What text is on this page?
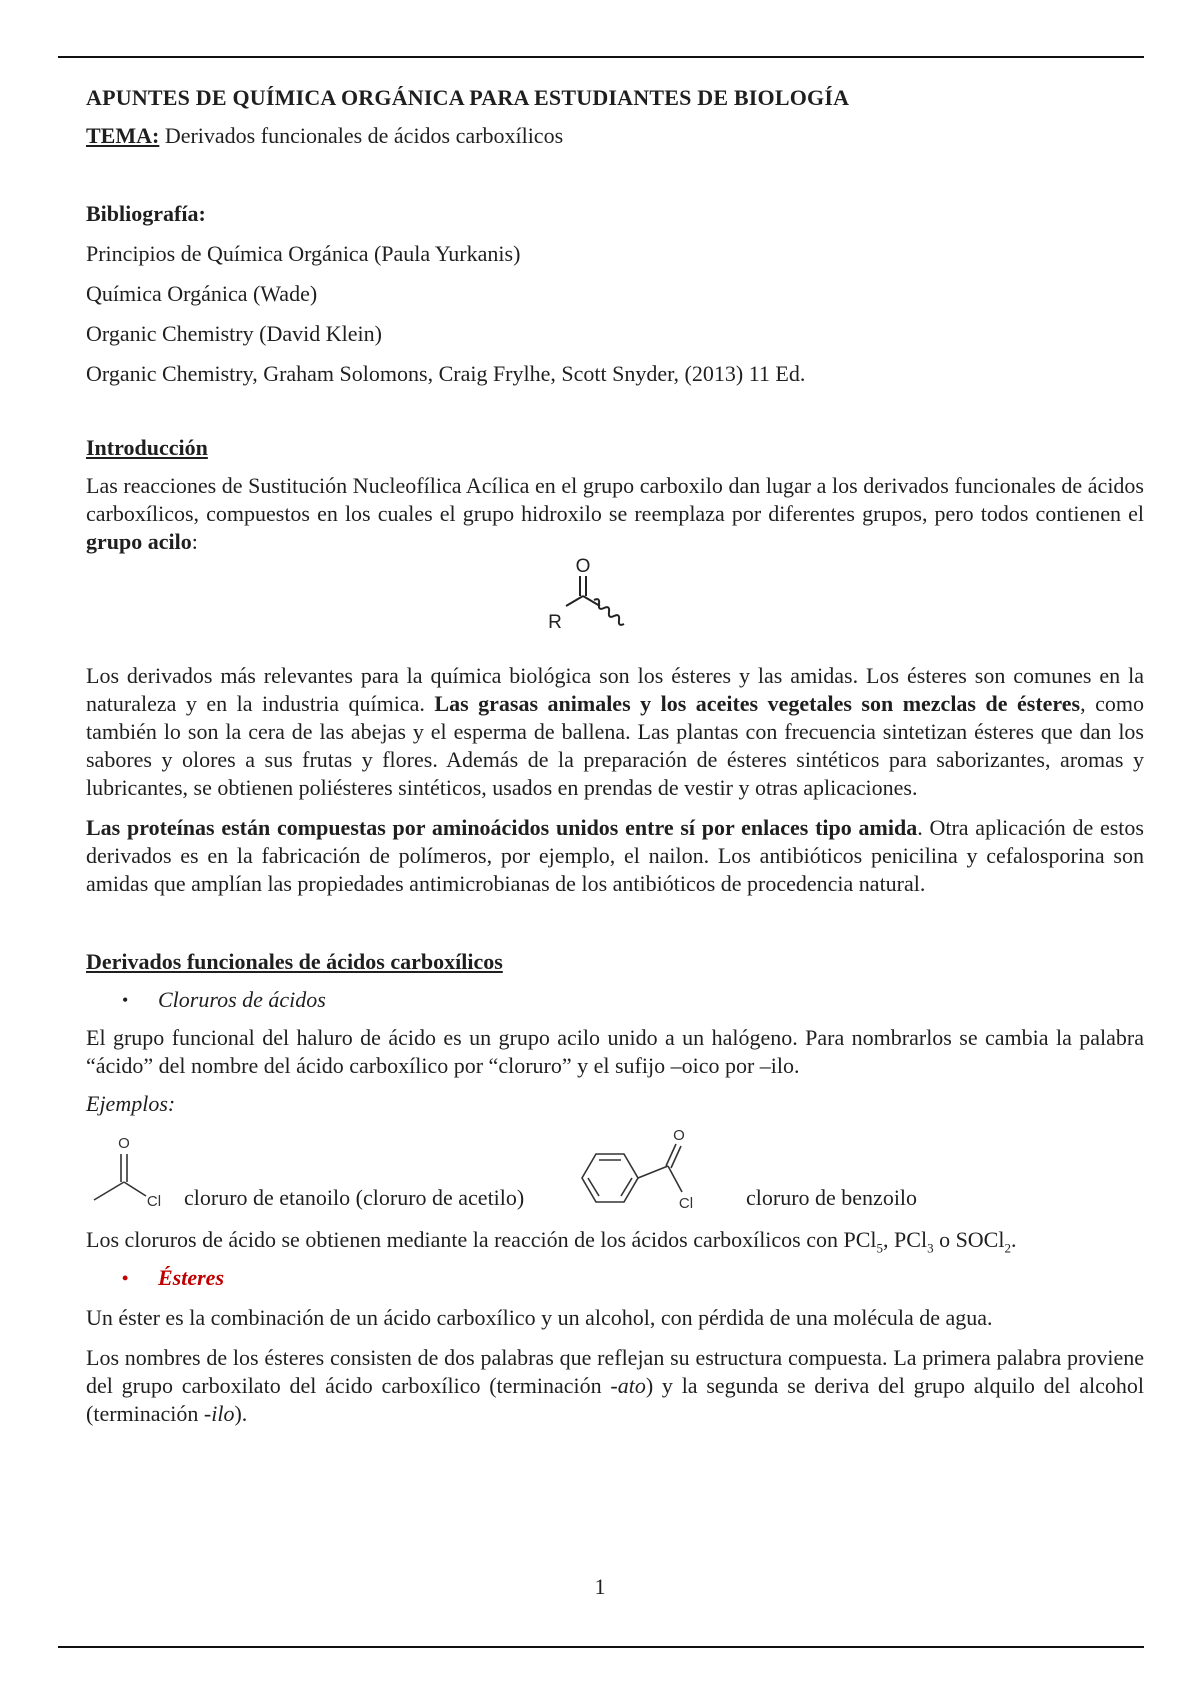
APUNTES DE QUÍMICA ORGÁNICA PARA ESTUDIANTES DE BIOLOGÍA

TEMA: Derivados funcionales de ácidos carboxílicos

Bibliografía:

Principios de Química Orgánica (Paula Yurkanis)

Química Orgánica (Wade)

Organic Chemistry (David Klein)

Organic Chemistry, Graham Solomons, Craig Frylhe, Scott Snyder, (2013) 11 Ed.

Introducción

Las reacciones de Sustitución Nucleofílica Acílica en el grupo carboxilo dan lugar a los derivados funcionales de ácidos carboxílicos, compuestos en los cuales el grupo hidroxilo se reemplaza por diferentes grupos, pero todos contienen el grupo acilo:

O
R

Los derivados más relevantes para la química biológica son los ésteres y las amidas. Los ésteres son comunes en la naturaleza y en la industria química. Las grasas animales y los aceites vegetales son mezclas de ésteres, como también lo son la cera de las abejas y el esperma de ballena. Las plantas con frecuencia sintetizan ésteres que dan los sabores y olores a sus frutas y flores. Además de la preparación de ésteres sintéticos para saborizantes, aromas y lubricantes, se obtienen poliésteres sintéticos, usados en prendas de vestir y otras aplicaciones.

Las proteínas están compuestas por aminoácidos unidos entre sí por enlaces tipo amida. Otra aplicación de estos derivados es en la fabricación de polímeros, por ejemplo, el nailon. Los antibióticos penicilina y cefalosporina son amidas que amplían las propiedades antimicrobianas de los antibióticos de procedencia natural.

Derivados funcionales de ácidos carboxílicos

•	Cloruros de ácidos

El grupo funcional del haluro de ácido es un grupo acilo unido a un halógeno. Para nombrarlos se cambia la palabra “ácido” del nombre del ácido carboxílico por “cloruro” y el sufijo –oico por –ilo.

Ejemplos:

O
Cl
O
Cl
cloruro de etanoilo (cloruro de acetilo)	cloruro de benzoilo

Los cloruros de ácido se obtienen mediante la reacción de los ácidos carboxílicos con PCl$_5$, PCl$_3$ o SOCl$_2$.

•	Ésteres

Un éster es la combinación de un ácido carboxílico y un alcohol, con pérdida de una molécula de agua.

Los nombres de los ésteres consisten de dos palabras que reflejan su estructura compuesta. La primera palabra proviene del grupo carboxilato del ácido carboxílico (terminación -ato) y la segunda se deriva del grupo alquilo del alcohol (terminación -ilo).

1
